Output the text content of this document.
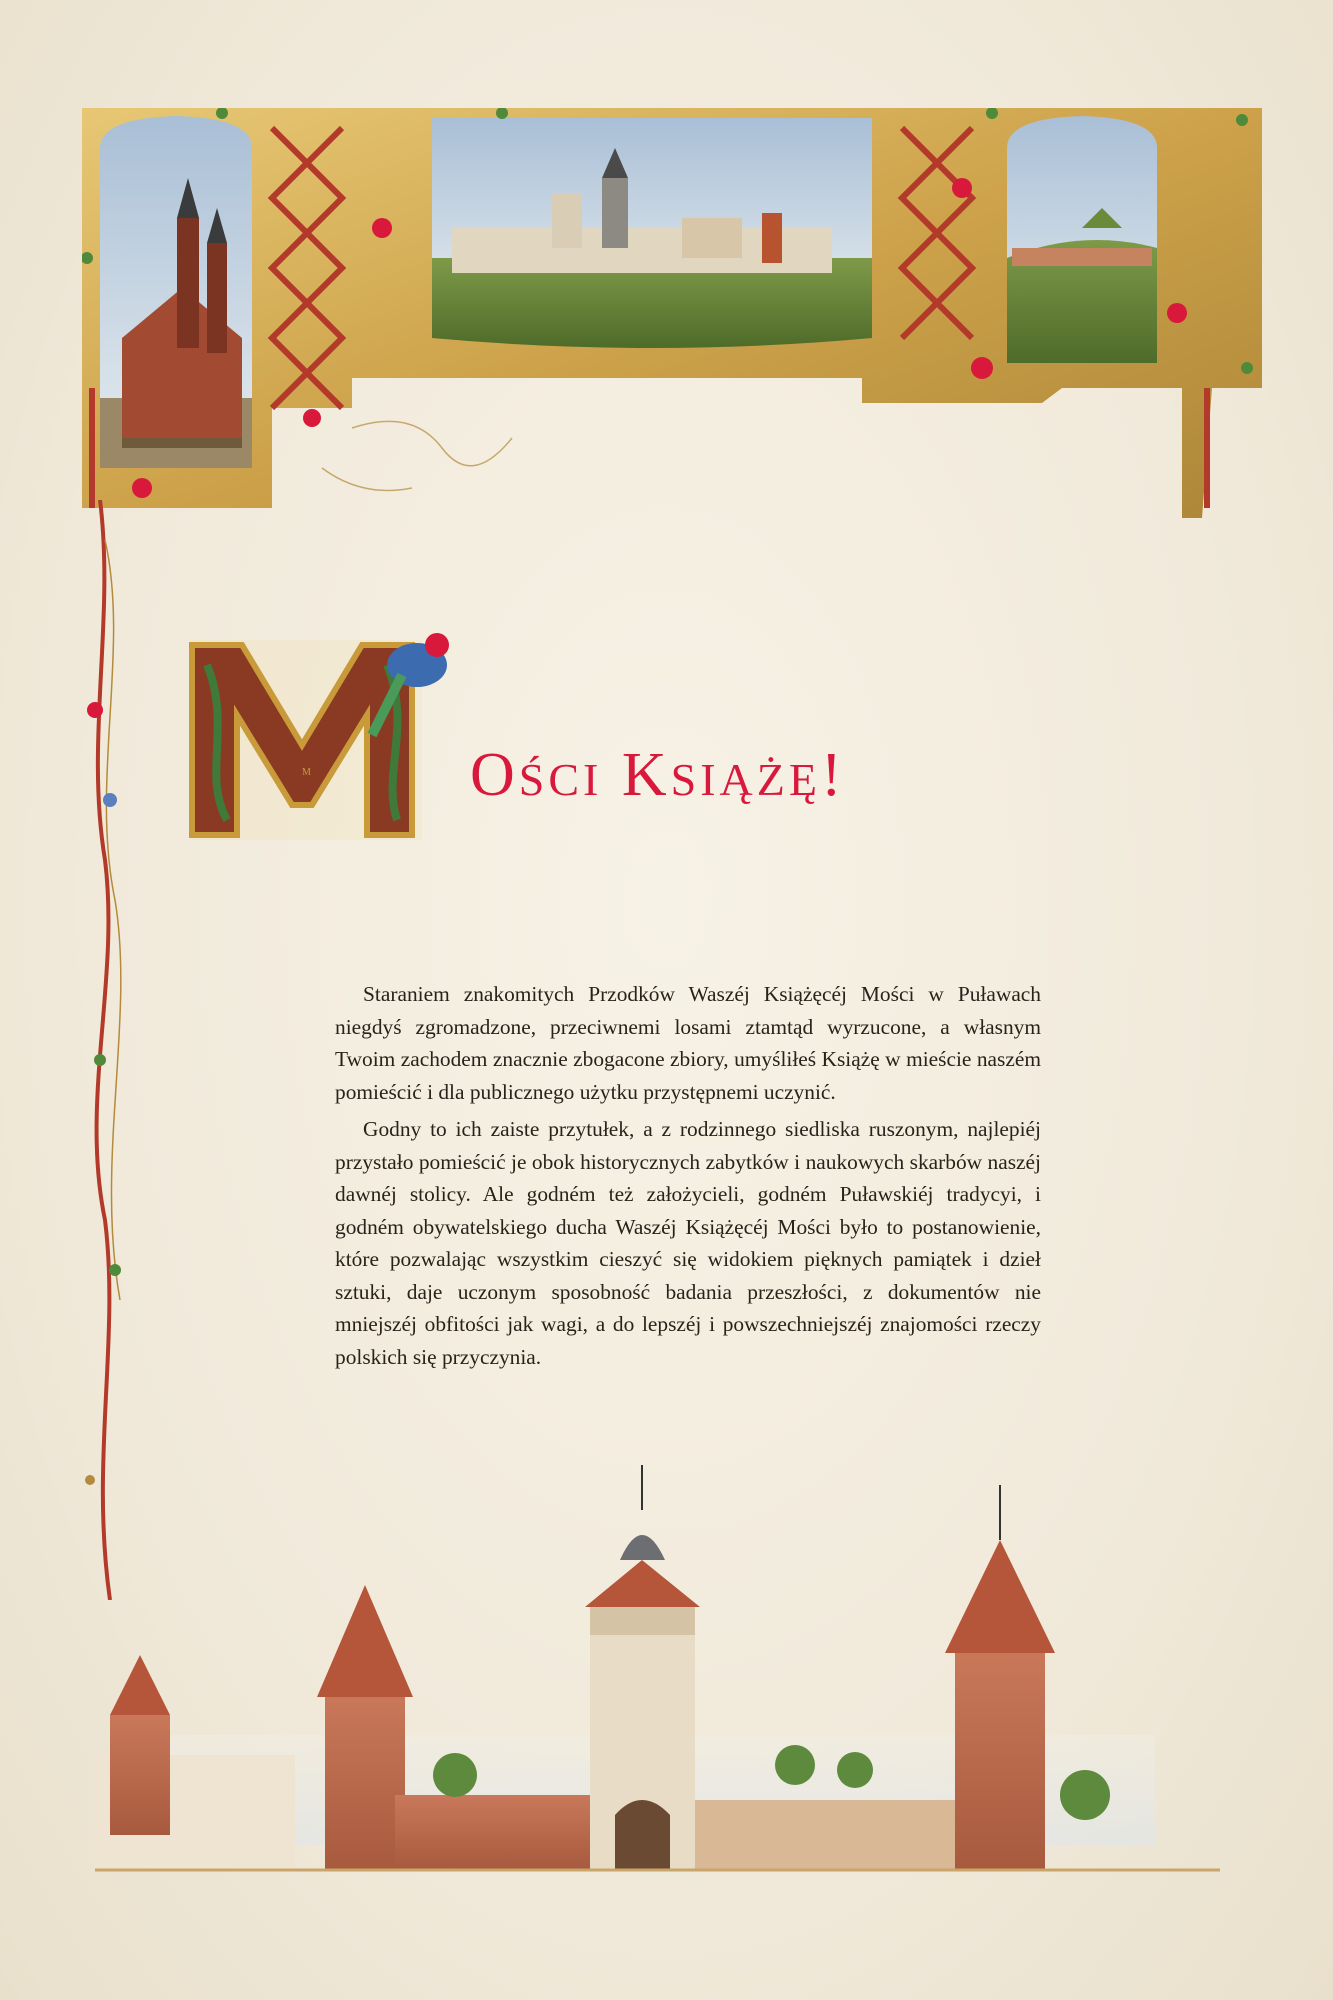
M	OŚCI KSIĄŻĘ!

Staraniem znakomitych Przodków Waszéj Książęcéj Mości w Puławach niegdyś zgromadzone, przeciwnemi losami ztamtąd wyrzucone, a własnym Twoim zachodem znacznie zbogacone zbiory, umyśliłeś Książę w mieście naszém pomieścić i dla publicznego użytku przystępnemi uczynić.

Godny to ich zaiste przytułek, a z rodzinnego siedliska ruszonym, najlepiéj przystało pomieścić je obok historycznych zabytków i naukowych skarbów naszéj dawnéj stolicy. Ale godném też założycieli, godném Puławskiéj tradycyi, i godném obywatelskiego ducha Waszéj Książęcéj Mości było to postanowienie, które pozwalając wszystkim cieszyć się widokiem pięknych pamiątek i dzieł sztuki, daje uczonym sposobność badania przeszłości, z dokumentów nie mniejszéj obfitości jak wagi, a do lepszéj i powszechniejszéj znajomości rzeczy polskich się przyczynia.
